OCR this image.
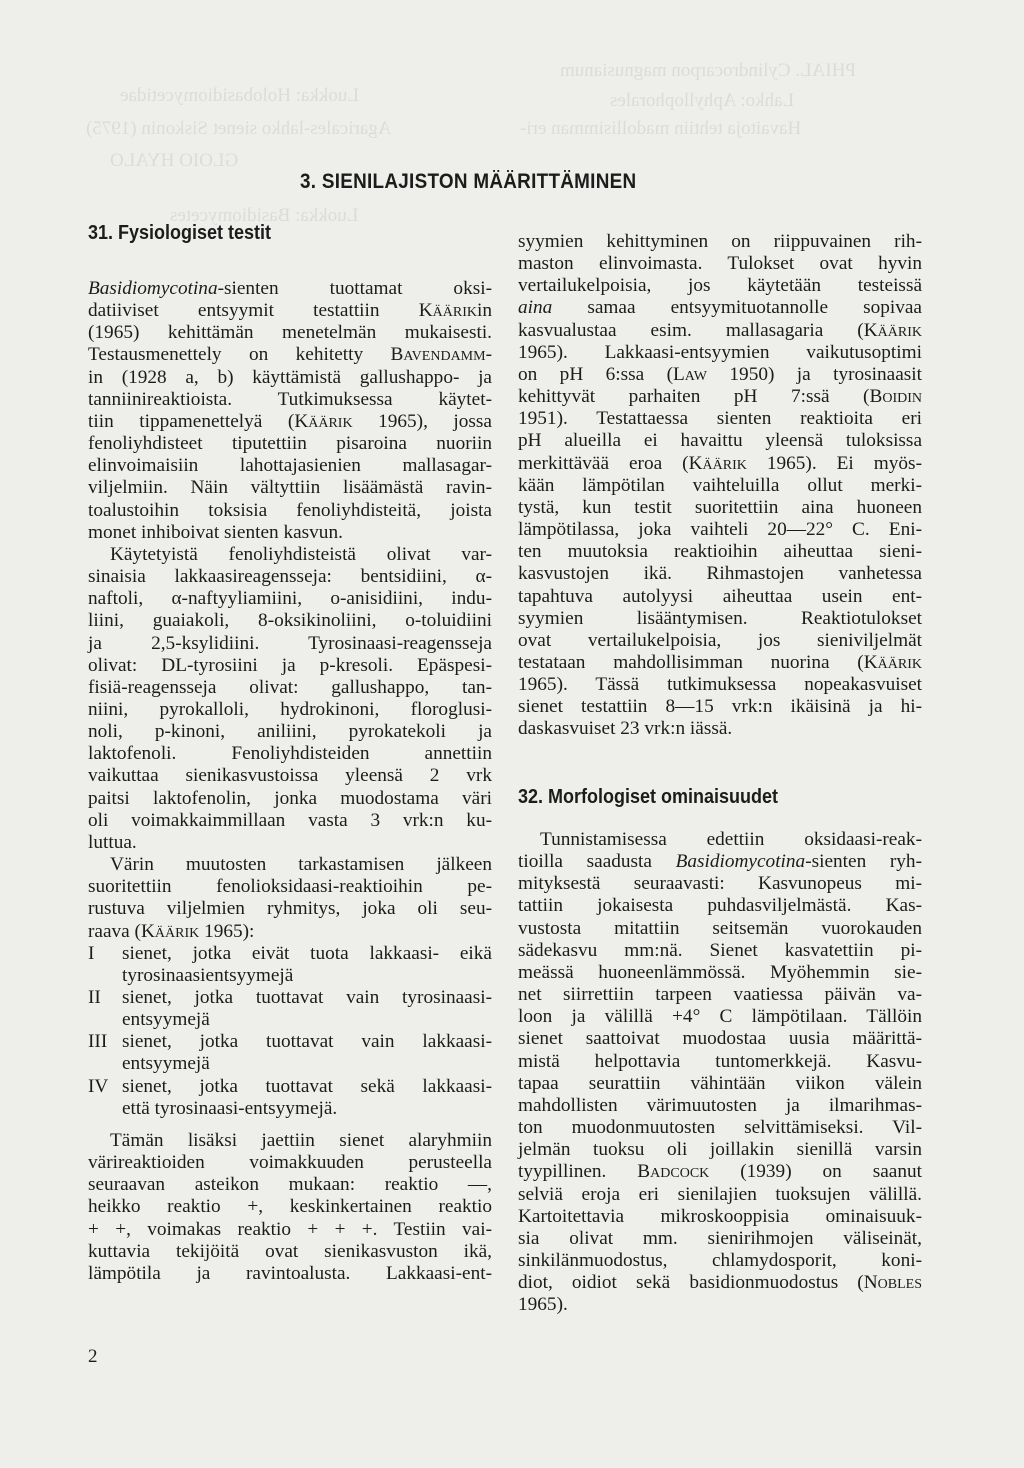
Agaricales-lahko sienet Siskonin (1975)	Havaitoja tehtiin madollisimman eri-
GLOIO HYALO
PHIAL. Cylindrocarpon magnusianum
Luokka: Basidiomycetes
Luokka: Holobasidiomycetidae	Lahko: Aphyllophorales
3. SIENILAJISTON MÄÄRITTÄMINEN
31. Fysiologiset testit
Basidiomycotina-sienten tuottamat oksi-
datiiviset entsyymit testattiin Käärikin
(1965) kehittämän menetelmän mukaisesti.
Testausmenettely on kehitetty Bavendamm-
in (1928 a, b) käyttämistä gallushappo- ja
tanniinireaktioista. Tutkimuksessa käytet-
tiin tippamenettelyä (Käärik 1965), jossa
fenoliyhdisteet tiputettiin pisaroina nuoriin
elinvoimaisiin lahottajasienien mallasagar-
viljelmiin. Näin vältyttiin lisäämästä ravin-
toalustoihin toksisia fenoliyhdisteitä, joista
monet inhiboivat sienten kasvun.
Käytetyistä fenoliyhdisteistä olivat var-
sinaisia lakkaasireagensseja: bentsidiini, α-
naftoli, α-naftyyliamiini, o-anisidiini, indu-
liini, guaiakoli, 8-oksikinoliini, o-toluidiini
ja 2,5-ksylidiini. Tyrosinaasi-reagensseja
olivat: DL-tyrosiini ja p-kresoli. Epäspesi-
fisiä-reagensseja olivat: gallushappo, tan-
niini, pyrokalloli, hydrokinoni, floroglusi-
noli, p-kinoni, aniliini, pyrokatekoli ja
laktofenoli. Fenoliyhdisteiden annettiin
vaikuttaa sienikasvustoissa yleensä 2 vrk
paitsi laktofenolin, jonka muodostama väri
oli voimakkaimmillaan vasta 3 vrk:n ku-
luttua.
Värin muutosten tarkastamisen jälkeen
suoritettiin fenolioksidaasi-reaktioihin pe-
rustuva viljelmien ryhmitys, joka oli seu-
raava (Käärik 1965):
I sienet, jotka eivät tuota lakkaasi- eikä
tyrosinaasientsyymejä
II sienet, jotka tuottavat vain tyrosinaasi-
entsyymejä
III sienet, jotka tuottavat vain lakkaasi-
entsyymejä
IV sienet, jotka tuottavat sekä lakkaasi-
että tyrosinaasi-entsyymejä.
Tämän lisäksi jaettiin sienet alaryhmiin
värireaktioiden voimakkuuden perusteella
seuraavan asteikon mukaan: reaktio —,
heikko reaktio +, keskinkertainen reaktio
+ +, voimakas reaktio + + +. Testiin vai-
kuttavia tekijöitä ovat sienikasvuston ikä,
lämpötila ja ravintoalusta. Lakkaasi-ent-
syymien kehittyminen on riippuvainen rih-
maston elinvoimasta. Tulokset ovat hyvin
vertailukelpoisia, jos käytetään testeissä
aina samaa entsyymituotannolle sopivaa
kasvualustaa esim. mallasagaria (Käärik
1965). Lakkaasi-entsyymien vaikutusoptimi
on pH 6:ssa (Law 1950) ja tyrosinaasit
kehittyvät parhaiten pH 7:ssä (Boidin
1951). Testattaessa sienten reaktioita eri
pH alueilla ei havaittu yleensä tuloksissa
merkittävää eroa (Käärik 1965). Ei myös-
kään lämpötilan vaihteluilla ollut merki-
tystä, kun testit suoritettiin aina huoneen
lämpötilassa, joka vaihteli 20—22° C. Eni-
ten muutoksia reaktioihin aiheuttaa sieni-
kasvustojen ikä. Rihmastojen vanhetessa
tapahtuva autolyysi aiheuttaa usein ent-
syymien lisääntymisen. Reaktiotulokset
ovat vertailukelpoisia, jos sieniviljelmät
testataan mahdollisimman nuorina (Käärik
1965). Tässä tutkimuksessa nopeakasvuiset
sienet testattiin 8—15 vrk:n ikäisinä ja hi-
daskasvuiset 23 vrk:n iässä.
32. Morfologiset ominaisuudet
Tunnistamisessa edettiin oksidaasi-reak-
tioilla saadusta Basidiomycotina-sienten ryh-
mityksestä seuraavasti: Kasvunopeus mi-
tattiin jokaisesta puhdasviljelmästä. Kas-
vustosta mitattiin seitsemän vuorokauden
sädekasvu mm:nä. Sienet kasvatettiin pi-
meässä huoneenlämmössä. Myöhemmin sie-
net siirrettiin tarpeen vaatiessa päivän va-
loon ja välillä +4° C lämpötilaan. Tällöin
sienet saattoivat muodostaa uusia määrittä-
mistä helpottavia tuntomerkkejä. Kasvu-
tapaa seurattiin vähintään viikon välein
mahdollisten värimuutosten ja ilmarihmas-
ton muodonmuutosten selvittämiseksi. Vil-
jelmän tuoksu oli joillakin sienillä varsin
tyypillinen. Badcock (1939) on saanut
selviä eroja eri sienilajien tuoksujen välillä.
Kartoitettavia mikroskooppisia ominaisuuk-
sia olivat mm. sienirihmojen väliseinät,
sinkilänmuodostus, chlamydosporit, koni-
diot, oidiot sekä basidionmuodostus (Nobles
1965).
2
